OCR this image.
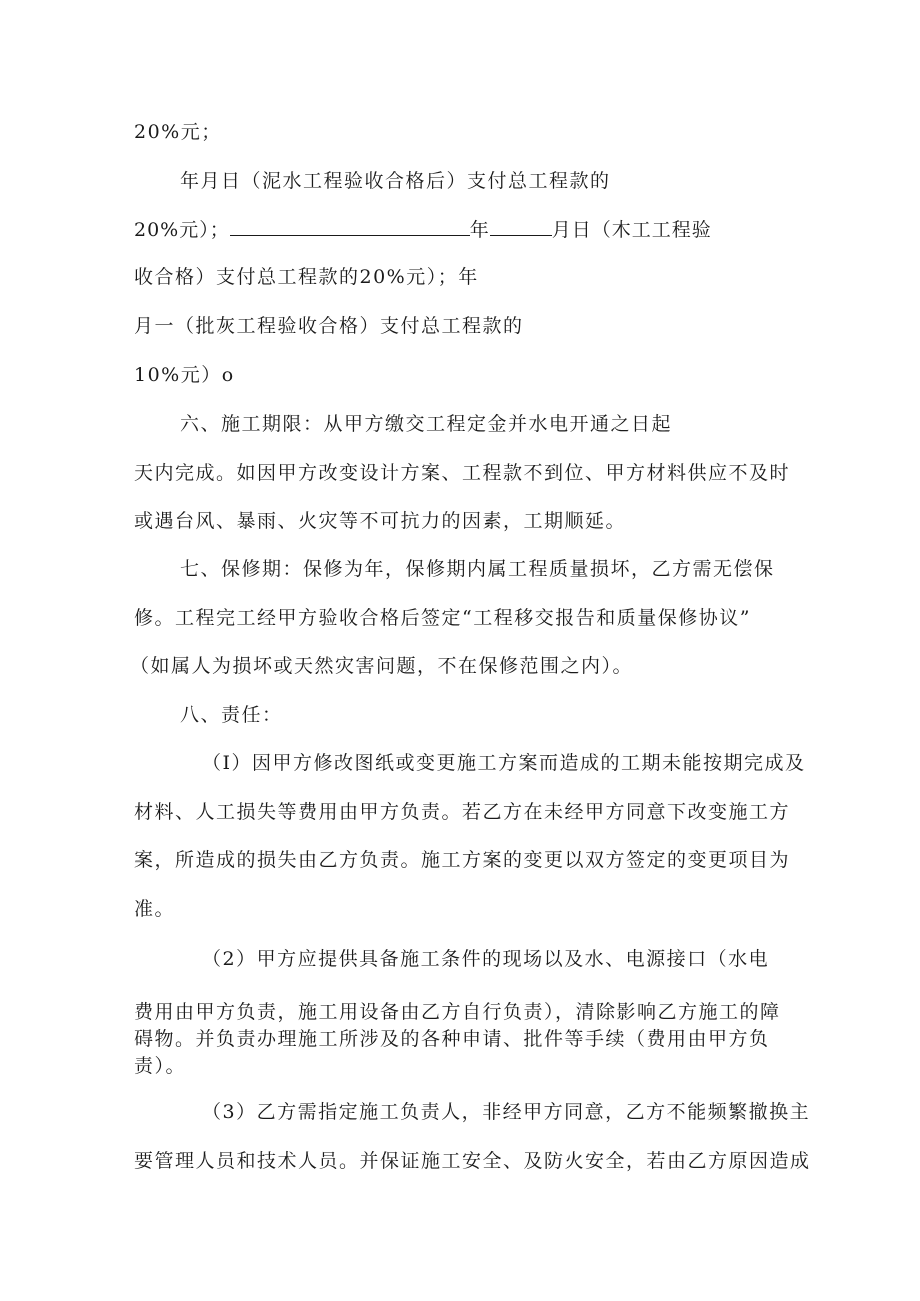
20%元；
年月日（泥水工程验收合格后）支付总工程款的
20%元）；	年	月日（木工工程验
收合格）支付总工程款的20%元）；年
月一（批灰工程验收合格）支付总工程款的
10%元）o
六、施工期限：从甲方缴交工程定金并水电开通之日起
天内完成。如因甲方改变设计方案、工程款不到位、甲方材料供应不及时
或遇台风、暴雨、火灾等不可抗力的因素，工期顺延。
七、保修期：保修为年，保修期内属工程质量损坏，乙方需无偿保
修。工程完工经甲方验收合格后签定“工程移交报告和质量保修协议”
（如属人为损坏或天然灾害问题，不在保修范围之内）。
八、责任：
（I）因甲方修改图纸或变更施工方案而造成的工期未能按期完成及
材料、人工损失等费用由甲方负责。若乙方在未经甲方同意下改变施工方
案，所造成的损失由乙方负责。施工方案的变更以双方签定的变更项目为
准。
（2）甲方应提供具备施工条件的现场以及水、电源接口（水电
费用由甲方负责，施工用设备由乙方自行负责），清除影响乙方施工的障
碍物。并负责办理施工所涉及的各种申请、批件等手续（费用由甲方负
责）。
（3）乙方需指定施工负责人，非经甲方同意，乙方不能频繁撤换主
要管理人员和技术人员。并保证施工安全、及防火安全，若由乙方原因造成
